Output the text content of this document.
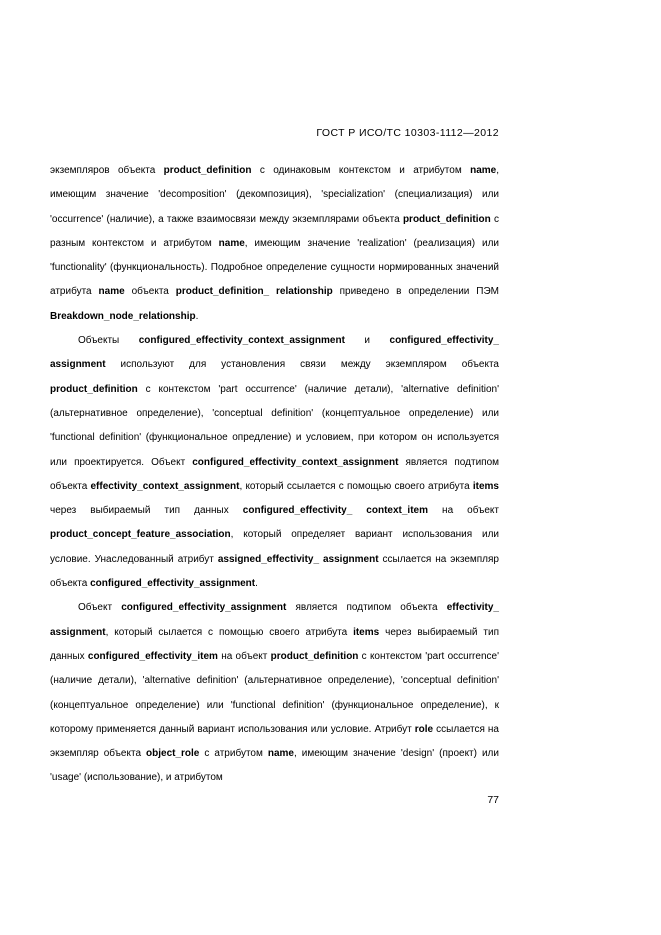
ГОСТ Р ИСО/ТС 10303-1112—2012

экземпляров объекта product_definition с одинаковым контекстом и атрибутом name, имеющим значение 'decomposition' (декомпозиция), 'specialization' (специализация) или 'occurrence' (наличие), а также взаимосвязи между экземплярами объекта product_definition с разным контекстом и атрибутом name, имеющим значение 'realization' (реализация) или 'functionality' (функциональность). Подробное определение сущности нормированных значений атрибута name объекта product_definition_ relationship приведено в определении ПЭМ Breakdown_node_relationship.

Объекты configured_effectivity_context_assignment и configured_effectivity_ assignment используют для установления связи между экземпляром объекта product_definition с контекстом 'part occurrence' (наличие детали), 'alternative definition' (альтернативное определение), 'conceptual definition' (концептуальное определение) или 'functional definition' (функциональное опредление) и условием, при котором он используется или проектируется. Объект configured_effectivity_context_assignment является подтипом объекта effectivity_context_assignment, который ссылается с помощью своего атрибута items через выбираемый тип данных configured_effectivity_ context_item на объект product_concept_feature_association, который определяет вариант использования или условие. Унаследованный атрибут assigned_effectivity_ assignment ссылается на экземпляр объекта configured_effectivity_assignment.

Объект configured_effectivity_assignment является подтипом объекта effectivity_ assignment, который сылается с помощью своего атрибута items через выбираемый тип данных configured_effectivity_item на объект product_definition с контекстом 'part occurrence' (наличие детали), 'alternative definition' (альтернативное определение), 'conceptual definition' (концептуальное определение) или 'functional definition' (функциональное определение), к которому применяется данный вариант использования или условие. Атрибут role ссылается на экземпляр объекта object_role с атрибутом name, имеющим значение 'design' (проект) или 'usage' (использование), и атрибутом

77
